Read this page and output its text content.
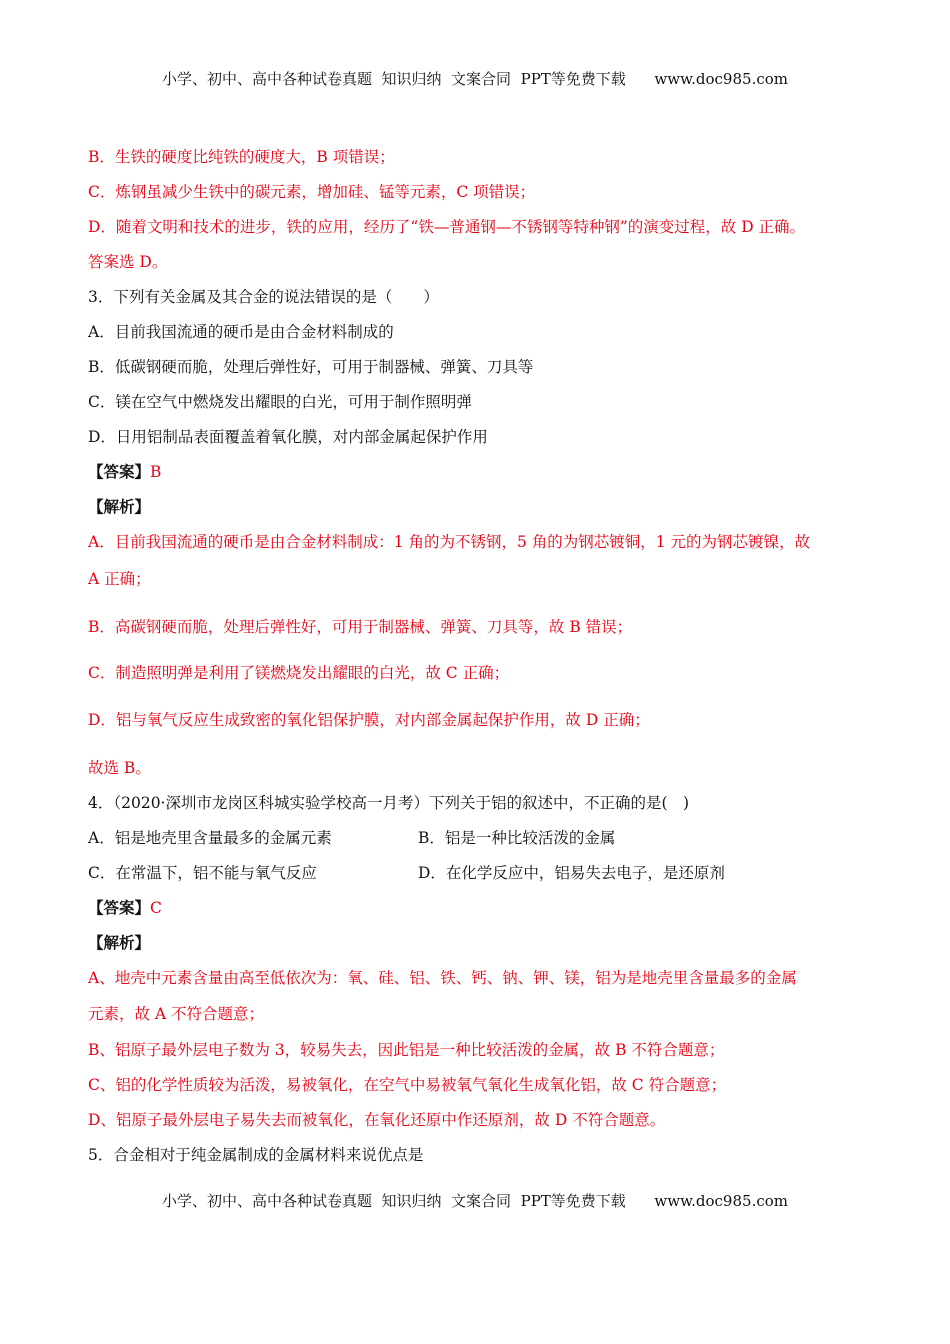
小学、初中、高中各种试卷真题  知识归纳  文案合同  PPT等免费下载      www.doc985.com
B．生铁的硬度比纯铁的硬度大，B 项错误；
C．炼钢虽减少生铁中的碳元素，增加硅、锰等元素，C 项错误；
D．随着文明和技术的进步，铁的应用，经历了“铁—普通钢—不锈钢等特种钢”的演变过程，故 D 正确。
答案选 D。
3．下列有关金属及其合金的说法错误的是（　　）
A．目前我国流通的硬币是由合金材料制成的
B．低碳钢硬而脆，处理后弹性好，可用于制器械、弹簧、刀具等
C．镁在空气中燃烧发出耀眼的白光，可用于制作照明弹
D．日用铝制品表面覆盖着氧化膜，对内部金属起保护作用
【答案】B
【解析】
A．目前我国流通的硬币是由合金材料制成：1 角的为不锈钢，5 角的为钢芯镀铜，1 元的为钢芯镀镍，故
A 正确；
B．高碳钢硬而脆，处理后弹性好，可用于制器械、弹簧、刀具等，故 B 错误；
C．制造照明弹是利用了镁燃烧发出耀眼的白光，故 C 正确；
D．铝与氧气反应生成致密的氧化铝保护膜，对内部金属起保护作用，故 D 正确；
故选 B。
4．（2020·深圳市龙岗区科城实验学校高一月考）下列关于铝的叙述中，不正确的是(　)
A．铝是地壳里含量最多的金属元素	B．铝是一种比较活泼的金属
C．在常温下，铝不能与氧气反应	D．在化学反应中，铝易失去电子，是还原剂
【答案】C
【解析】
A、地壳中元素含量由高至低依次为：氧、硅、铝、铁、钙、钠、钾、镁，铝为是地壳里含量最多的金属
元素，故 A 不符合题意；
B、铝原子最外层电子数为 3，较易失去，因此铝是一种比较活泼的金属，故 B 不符合题意；
C、铝的化学性质较为活泼，易被氧化，在空气中易被氧气氧化生成氧化铝，故 C 符合题意；
D、铝原子最外层电子易失去而被氧化，在氧化还原中作还原剂，故 D 不符合题意。
5．合金相对于纯金属制成的金属材料来说优点是
小学、初中、高中各种试卷真题  知识归纳  文案合同  PPT等免费下载      www.doc985.com
